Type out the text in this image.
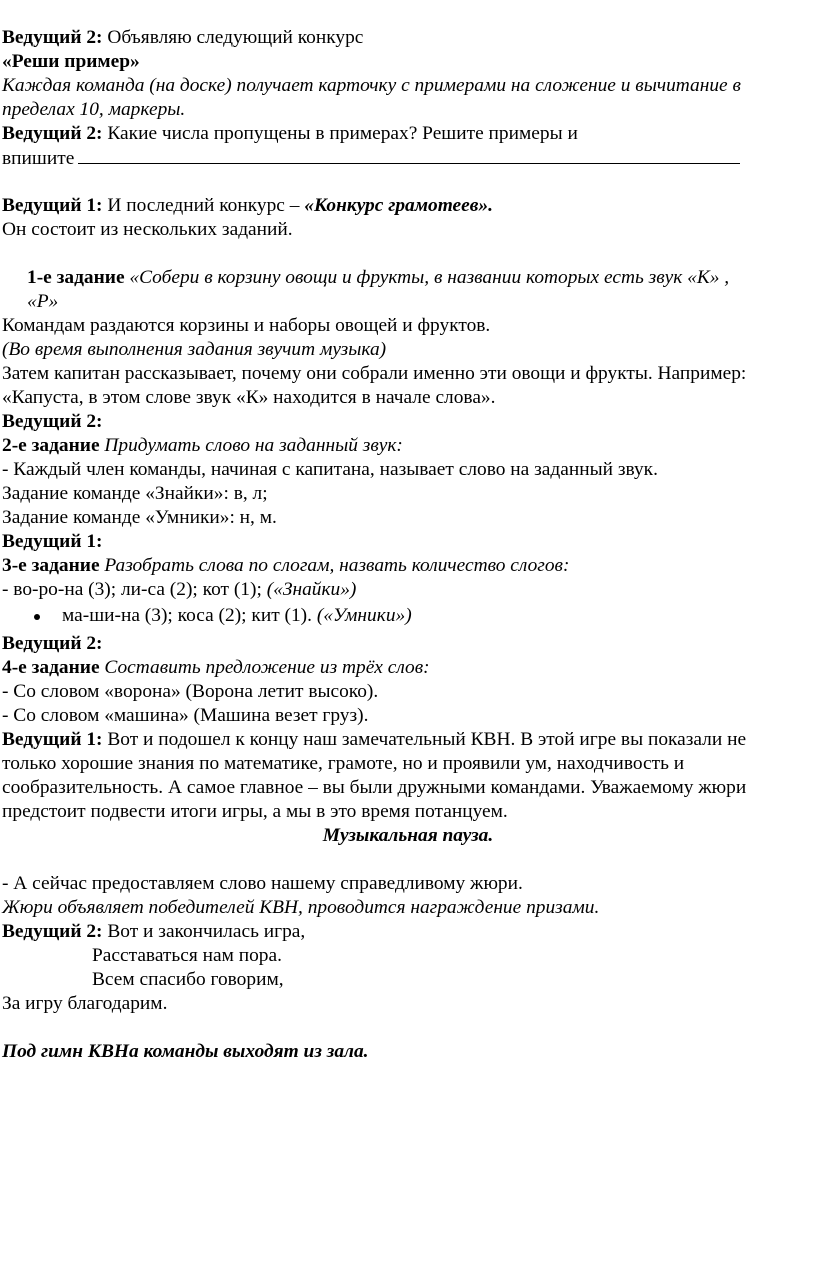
Ведущий 2: Объявляю следующий конкурс
«Реши пример»
Каждая команда (на доске) получает карточку с примерами на сложение и вычитание в
пределах 10, маркеры.
Ведущий 2: Какие числа пропущены в примерах? Решите примеры и
впишите
Ведущий 1: И последний конкурс – «Конкурс грамотеев».
Он состоит из нескольких заданий.
1-е задание «Собери в корзину овощи и фрукты, в названии которых есть звук «К» ,
«Р»
Командам раздаются корзины и наборы овощей и фруктов.
(Во время выполнения задания звучит музыка)
Затем капитан рассказывает, почему они собрали именно эти овощи и фрукты. Например:
«Капуста, в этом слове звук «К» находится в начале слова».
Ведущий 2:
2-е задание Придумать слово на заданный звук:
- Каждый член команды, начиная с капитана, называет слово на заданный звук.
Задание команде «Знайки»: в, л;
Задание команде «Умники»: н, м.
Ведущий 1:
3-е задание Разобрать слова по слогам, назвать количество слогов:
- во-ро-на (3); ли-са (2); кот (1); («Знайки»)
ма-ши-на (3); коса (2); кит (1). («Умники»)
Ведущий 2:
4-е задание Составить предложение из трёх слов:
- Со словом «ворона» (Ворона летит высоко).
- Со словом «машина» (Машина везет груз).
Ведущий 1: Вот и подошел к концу наш замечательный КВН. В этой игре вы показали не
только хорошие знания по математике, грамоте, но и проявили ум, находчивость и
сообразительность. А самое главное – вы были дружными командами. Уважаемому жюри
предстоит подвести итоги игры, а мы в это время потанцуем.
Музыкальная пауза.
- А сейчас предоставляем слово нашему справедливому жюри.
Жюри объявляет победителей КВН, проводится награждение призами.
Ведущий 2: Вот и закончилась игра,
Расставаться нам пора.
Всем спасибо говорим,
За игру благодарим.
Под гимн КВНа команды выходят из зала.
